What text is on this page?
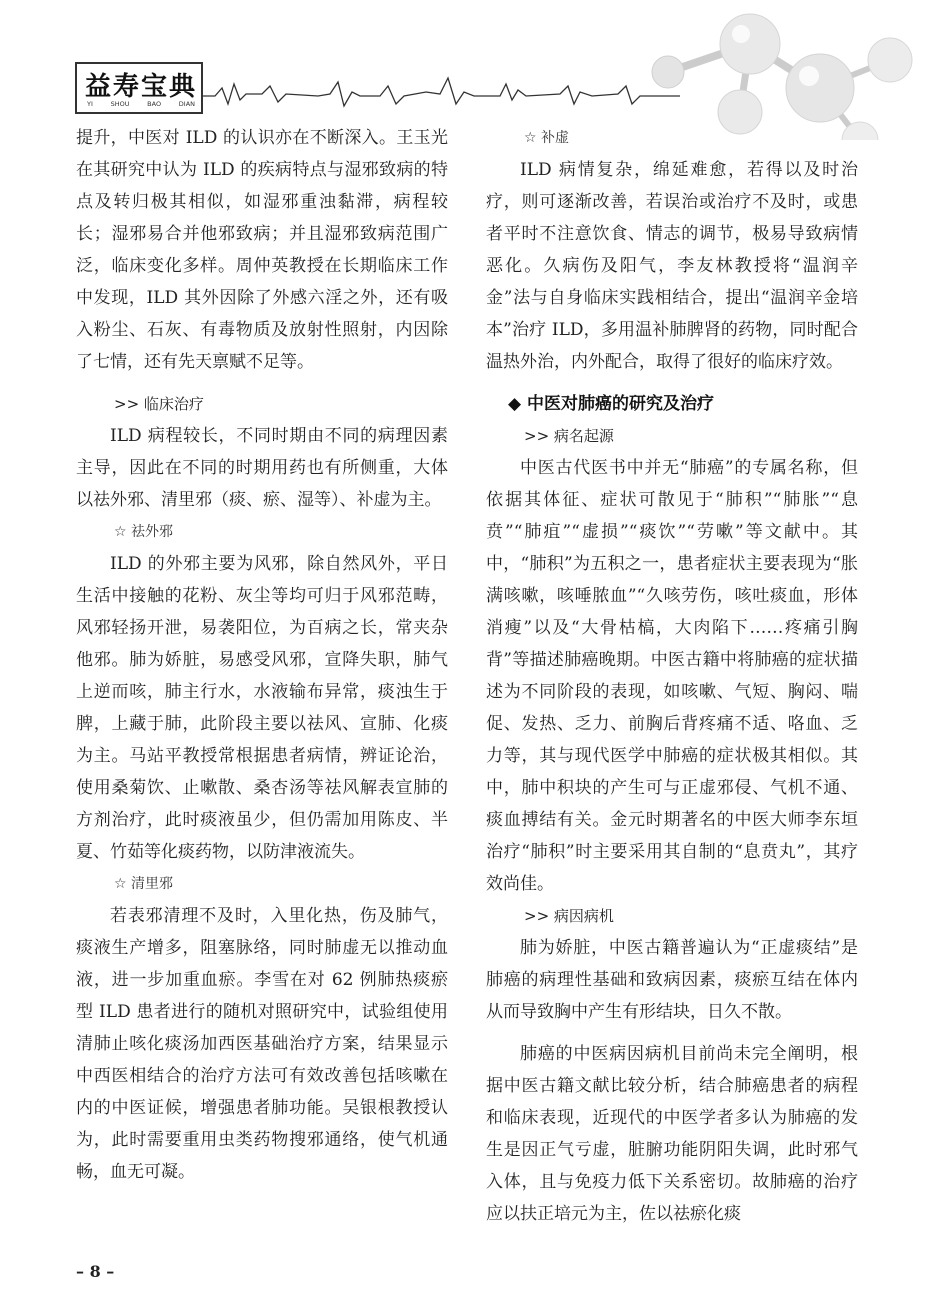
益寿宝典
YI	SHOU	BAO	DIAN

提升，中医对 ILD 的认识亦在不断深入。王玉光在其研究中认为 ILD 的疾病特点与湿邪致病的特点及转归极其相似，如湿邪重浊黏滞，病程较长；湿邪易合并他邪致病；并且湿邪致病范围广泛，临床变化多样。周仲英教授在长期临床工作中发现，ILD 其外因除了外感六淫之外，还有吸入粉尘、石灰、有毒物质及放射性照射，内因除了七情，还有先天禀赋不足等。

>> 临床治疗

ILD 病程较长，不同时期由不同的病理因素主导，因此在不同的时期用药也有所侧重，大体以祛外邪、清里邪（痰、瘀、湿等）、补虚为主。

☆ 祛外邪

ILD 的外邪主要为风邪，除自然风外，平日生活中接触的花粉、灰尘等均可归于风邪范畴，风邪轻扬开泄，易袭阳位，为百病之长，常夹杂他邪。肺为娇脏，易感受风邪，宣降失职，肺气上逆而咳，肺主行水，水液输布异常，痰浊生于脾，上藏于肺，此阶段主要以祛风、宣肺、化痰为主。马站平教授常根据患者病情，辨证论治，使用桑菊饮、止嗽散、桑杏汤等祛风解表宣肺的方剂治疗，此时痰液虽少，但仍需加用陈皮、半夏、竹茹等化痰药物，以防津液流失。

☆ 清里邪

若表邪清理不及时，入里化热，伤及肺气，痰液生产增多，阻塞脉络，同时肺虚无以推动血液，进一步加重血瘀。李雪在对 62 例肺热痰瘀型 ILD 患者进行的随机对照研究中，试验组使用清肺止咳化痰汤加西医基础治疗方案，结果显示中西医相结合的治疗方法可有效改善包括咳嗽在内的中医证候，增强患者肺功能。吴银根教授认为，此时需要重用虫类药物搜邪通络，使气机通畅，血无可凝。

☆ 补虚

ILD 病情复杂，绵延难愈，若得以及时治疗，则可逐渐改善，若误治或治疗不及时，或患者平时不注意饮食、情志的调节，极易导致病情恶化。久病伤及阳气，李友林教授将“温润辛金”法与自身临床实践相结合，提出“温润辛金培本”治疗 ILD，多用温补肺脾肾的药物，同时配合温热外治，内外配合，取得了很好的临床疗效。

◆ 中医对肺癌的研究及治疗

>> 病名起源

中医古代医书中并无“肺癌”的专属名称，但依据其体征、症状可散见于“肺积”“肺胀”“息贲”“肺疽”“虚损”“痰饮”“劳嗽”等文献中。其中，“肺积”为五积之一，患者症状主要表现为“胀满咳嗽，咳唾脓血”“久咳劳伤，咳吐痰血，形体消瘦”以及“大骨枯槁，大肉陷下……疼痛引胸背”等描述肺癌晚期。中医古籍中将肺癌的症状描述为不同阶段的表现，如咳嗽、气短、胸闷、喘促、发热、乏力、前胸后背疼痛不适、咯血、乏力等，其与现代医学中肺癌的症状极其相似。其中，肺中积块的产生可与正虚邪侵、气机不通、痰血搏结有关。金元时期著名的中医大师李东垣治疗“肺积”时主要采用其自制的“息贲丸”，其疗效尚佳。

>> 病因病机

肺为娇脏，中医古籍普遍认为“正虚痰结”是肺癌的病理性基础和致病因素，痰瘀互结在体内从而导致胸中产生有形结块，日久不散。

肺癌的中医病因病机目前尚未完全阐明，根据中医古籍文献比较分析，结合肺癌患者的病程和临床表现，近现代的中医学者多认为肺癌的发生是因正气亏虚，脏腑功能阴阳失调，此时邪气入体，且与免疫力低下关系密切。故肺癌的治疗应以扶正培元为主，佐以祛瘀化痰

– 8 –
